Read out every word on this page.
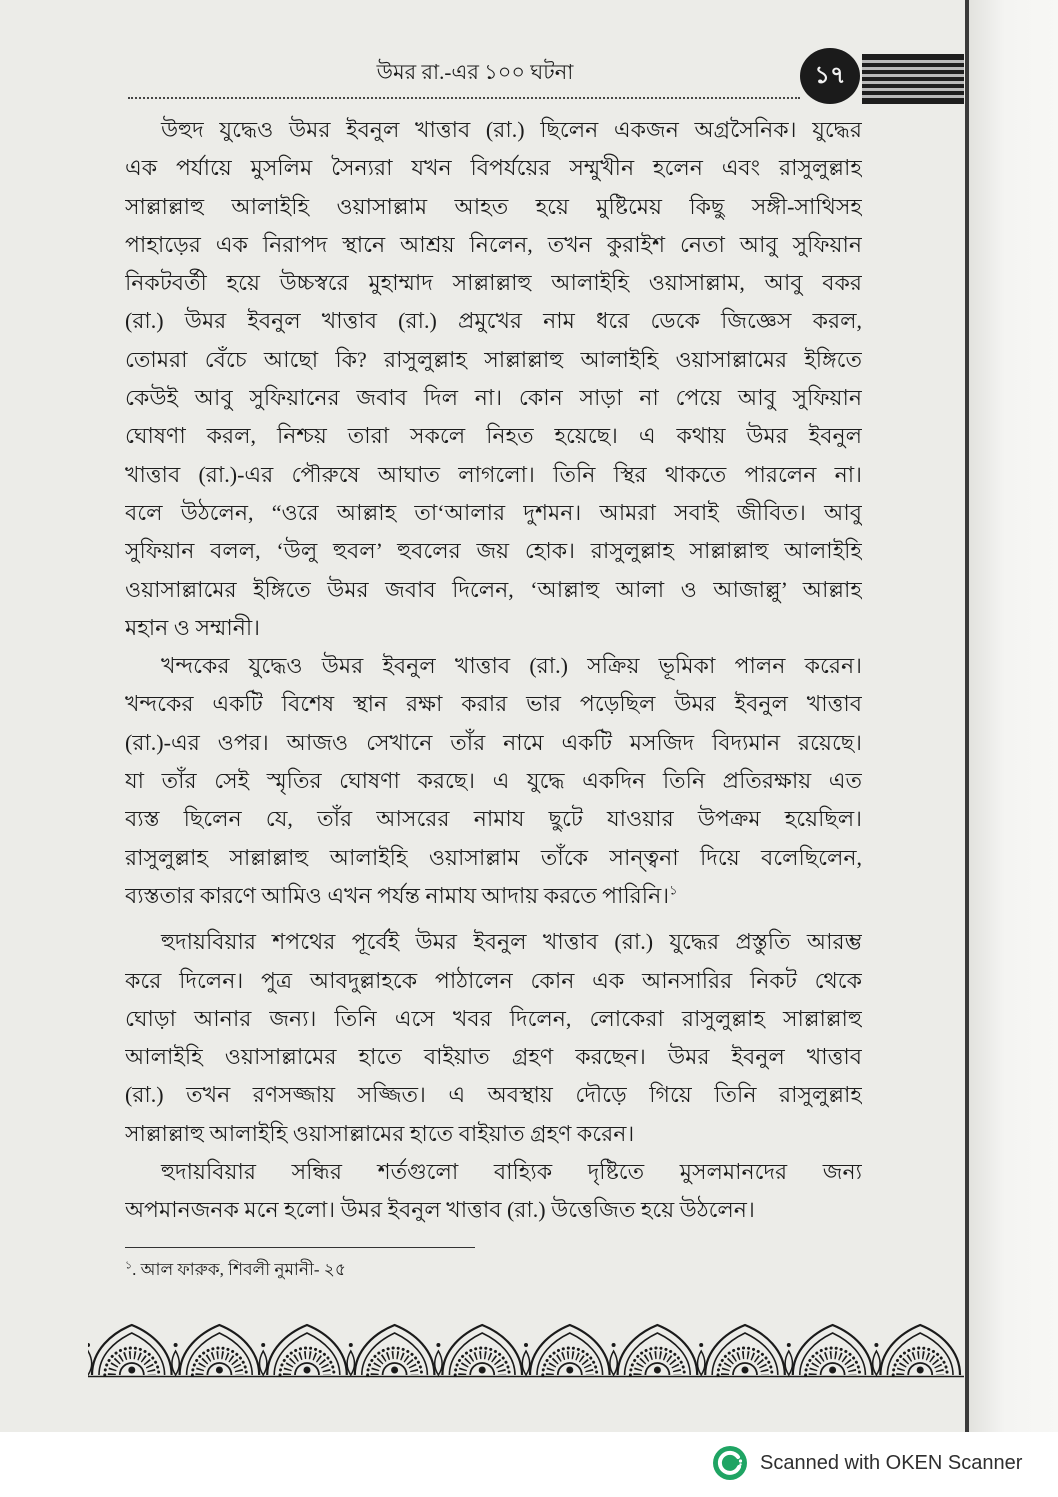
উমর রা.-এর ১০০ ঘটনা	১৭
উহুদ যুদ্ধেও উমর ইবনুল খাত্তাব (রা.) ছিলেন একজন অগ্রসৈনিক। যুদ্ধের
এক পর্যায়ে মুসলিম সৈন্যরা যখন বিপর্যয়ের সম্মুখীন হলেন এবং রাসুলুল্লাহ
সাল্লাল্লাহু আলাইহি ওয়াসাল্লাম আহত হয়ে মুষ্টিমেয় কিছু সঙ্গী-সাথিসহ
পাহাড়ের এক নিরাপদ স্থানে আশ্রয় নিলেন, তখন কুরাইশ নেতা আবু সুফিয়ান
নিকটবর্তী হয়ে উচ্চস্বরে মুহাম্মাদ সাল্লাল্লাহু আলাইহি ওয়াসাল্লাম, আবু বকর
(রা.) উমর ইবনুল খাত্তাব (রা.) প্রমুখের নাম ধরে ডেকে জিজ্ঞেস করল,
তোমরা বেঁচে আছো কি? রাসুলুল্লাহ সাল্লাল্লাহু আলাইহি ওয়াসাল্লামের ইঙ্গিতে
কেউই আবু সুফিয়ানের জবাব দিল না। কোন সাড়া না পেয়ে আবু সুফিয়ান
ঘোষণা করল, নিশ্চয় তারা সকলে নিহত হয়েছে। এ কথায় উমর ইবনুল
খাত্তাব (রা.)-এর পৌরুষে আঘাত লাগলো। তিনি স্থির থাকতে পারলেন না।
বলে উঠলেন, “ওরে আল্লাহ তা‘আলার দুশমন। আমরা সবাই জীবিত। আবু
সুফিয়ান বলল, ‘উলু হুবল’ হুবলের জয় হোক। রাসুলুল্লাহ সাল্লাল্লাহু আলাইহি
ওয়াসাল্লামের ইঙ্গিতে উমর জবাব দিলেন, ‘আল্লাহু আলা ও আজাল্লু’ আল্লাহ
মহান ও সম্মানী।
খন্দকের যুদ্ধেও উমর ইবনুল খাত্তাব (রা.) সক্রিয় ভূমিকা পালন করেন।
খন্দকের একটি বিশেষ স্থান রক্ষা করার ভার পড়েছিল উমর ইবনুল খাত্তাব
(রা.)-এর ওপর। আজও সেখানে তাঁর নামে একটি মসজিদ বিদ্যমান রয়েছে।
যা তাঁর সেই স্মৃতির ঘোষণা করছে। এ যুদ্ধে একদিন তিনি প্রতিরক্ষায় এত
ব্যস্ত ছিলেন যে, তাঁর আসরের নামায ছুটে যাওয়ার উপক্রম হয়েছিল।
রাসুলুল্লাহ সাল্লাল্লাহু আলাইহি ওয়াসাল্লাম তাঁকে সান্ত্বনা দিয়ে বলেছিলেন,
ব্যস্ততার কারণে আমিও এখন পর্যন্ত নামায আদায় করতে পারিনি।$^১$
হুদায়বিয়ার শপথের পূর্বেই উমর ইবনুল খাত্তাব (রা.) যুদ্ধের প্রস্তুতি আরম্ভ
করে দিলেন। পুত্র আবদুল্লাহকে পাঠালেন কোন এক আনসারির নিকট থেকে
ঘোড়া আনার জন্য। তিনি এসে খবর দিলেন, লোকেরা রাসুলুল্লাহ সাল্লাল্লাহু
আলাইহি ওয়াসাল্লামের হাতে বাইয়াত গ্রহণ করছেন। উমর ইবনুল খাত্তাব
(রা.) তখন রণসজ্জায় সজ্জিত। এ অবস্থায় দৌড়ে গিয়ে তিনি রাসুলুল্লাহ
সাল্লাল্লাহু আলাইহি ওয়াসাল্লামের হাতে বাইয়াত গ্রহণ করেন।
হুদায়বিয়ার সন্ধির শর্তগুলো বাহ্যিক দৃষ্টিতে মুসলমানদের জন্য
অপমানজনক মনে হলো। উমর ইবনুল খাত্তাব (রা.) উত্তেজিত হয়ে উঠলেন।
$^১$. আল ফারুক, শিবলী নুমানী- ২৫
Scanned with OKEN Scanner
